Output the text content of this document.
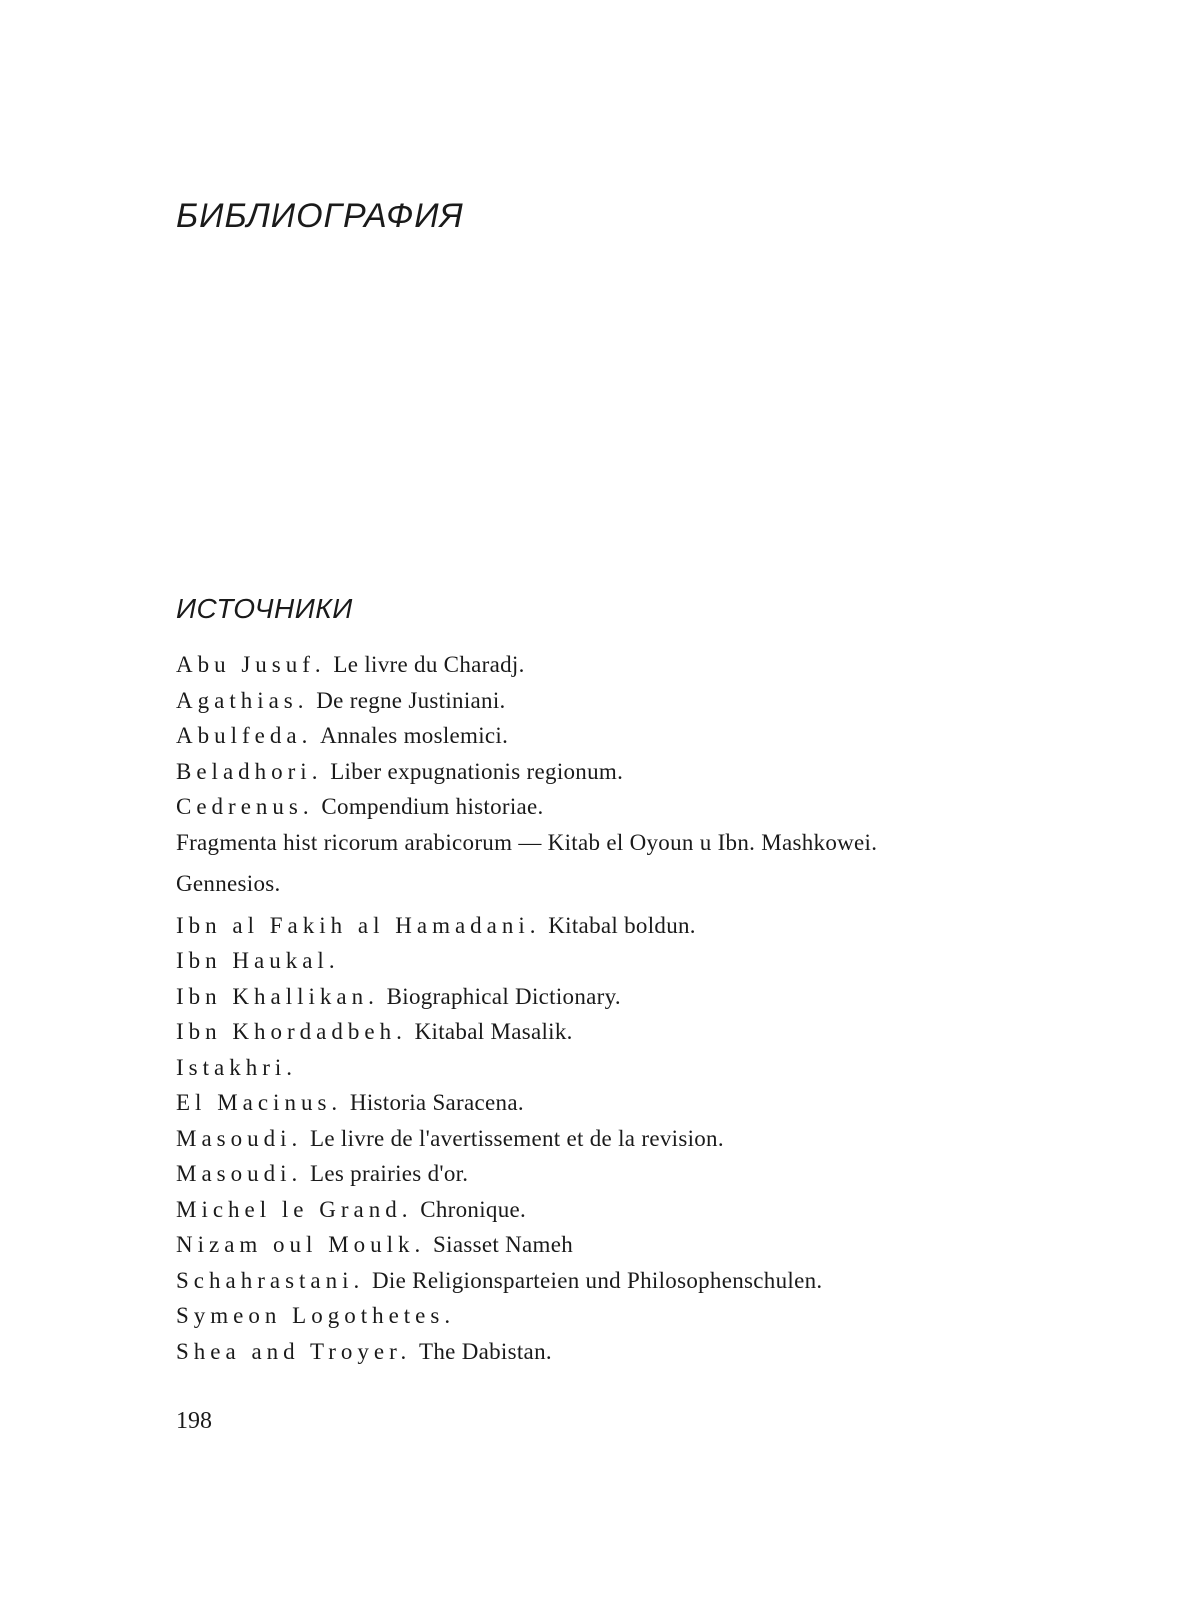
БИБЛИОГРАФИЯ
ИСТОЧНИКИ
Abu Jusuf. Le livre du Charadj.
Agathias. De regne Justiniani.
Abulfeda. Annales moslemici.
Beladhori. Liber expugnationis regionum.
Cedrenus. Compendium historiae.
Fragmenta hist ricorum arabicorum — Kitab el Oyoun u Ibn. Mashkowei.
Gennesios.
Ibn al Fakih al Hamadani. Kitabal boldun.
Ibn Haukal.
Ibn Khallikan. Biographical Dictionary.
Ibn Khordadbeh. Kitabal Masalik.
Istakhri.
El Macinus. Historia Saracena.
Masoudi. Le livre de l'avertissement et de la revision.
Masoudi. Les prairies d'or.
Michel le Grand. Chronique.
Nizam oul Moulk. Siasset Nameh
Schahrastani. Die Religionsparteien und Philosophenschulen.
Symeon Logothetes.
Shea and Troyer. The Dabistan.

198
